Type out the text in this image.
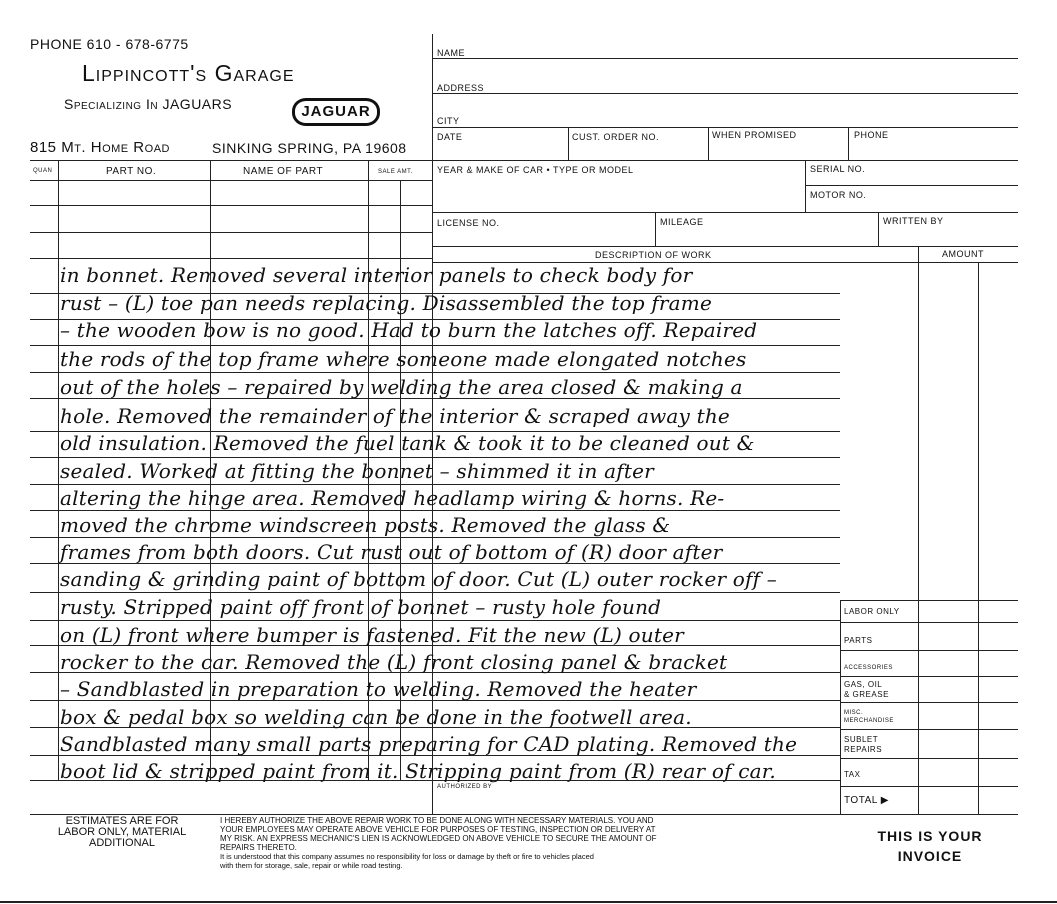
PHONE 610 - 678-6775
Lippincott's Garage
Specializing In JAGUARS	JAGUAR
815 Mt. Home Road	SINKING SPRING, PA 19608
QUAN	PART NO.	NAME OF PART	SALE AMT.
NAME
ADDRESS
CITY
DATE	CUST. ORDER NO.	WHEN PROMISED	PHONE
YEAR & MAKE OF CAR • TYPE OR MODEL	SERIAL NO.
MOTOR NO.
LICENSE NO.	MILEAGE	WRITTEN BY
DESCRIPTION OF WORK	AMOUNT
LABOR ONLY
PARTS
ACCESSORIES
GAS, OIL
& GREASE
MISC.
MERCHANDISE
SUBLET
REPAIRS
TAX
TOTAL ▶
AUTHORIZED BY
in bonnet. Removed several interior panels to check body for
rust – (L) toe pan needs replacing. Disassembled the top frame
– the wooden bow is no good. Had to burn the latches off. Repaired
the rods of the top frame where someone made elongated notches
out of the holes – repaired by welding the area closed & making a
hole. Removed the remainder of the interior & scraped away the
old insulation. Removed the fuel tank & took it to be cleaned out &
sealed. Worked at fitting the bonnet – shimmed it in after
altering the hinge area. Removed headlamp wiring & horns. Re-
moved the chrome windscreen posts. Removed the glass &
frames from both doors. Cut rust out of bottom of (R) door after
sanding & grinding paint of bottom of door. Cut (L) outer rocker off –
rusty. Stripped paint off front of bonnet – rusty hole found
on (L) front where bumper is fastened. Fit the new (L) outer
rocker to the car. Removed the (L) front closing panel & bracket
– Sandblasted in preparation to welding. Removed the heater
box & pedal box so welding can be done in the footwell area.
Sandblasted many small parts preparing for CAD plating. Removed the
boot lid & stripped paint from it. Stripping paint from (R) rear of car.
ESTIMATES ARE FOR
LABOR ONLY, MATERIAL
ADDITIONAL
I HEREBY AUTHORIZE THE ABOVE REPAIR WORK TO BE DONE ALONG WITH NECESSARY MATERIALS. YOU AND
YOUR EMPLOYEES MAY OPERATE ABOVE VEHICLE FOR PURPOSES OF TESTING, INSPECTION OR DELIVERY AT
MY RISK. AN EXPRESS MECHANIC'S LIEN IS ACKNOWLEDGED ON ABOVE VEHICLE TO SECURE THE AMOUNT OF
REPAIRS THERETO.
It is understood that this company assumes no responsibility for loss or damage by theft or fire to vehicles placed
with them for storage, sale, repair or while road testing.
THIS IS YOUR
INVOICE
